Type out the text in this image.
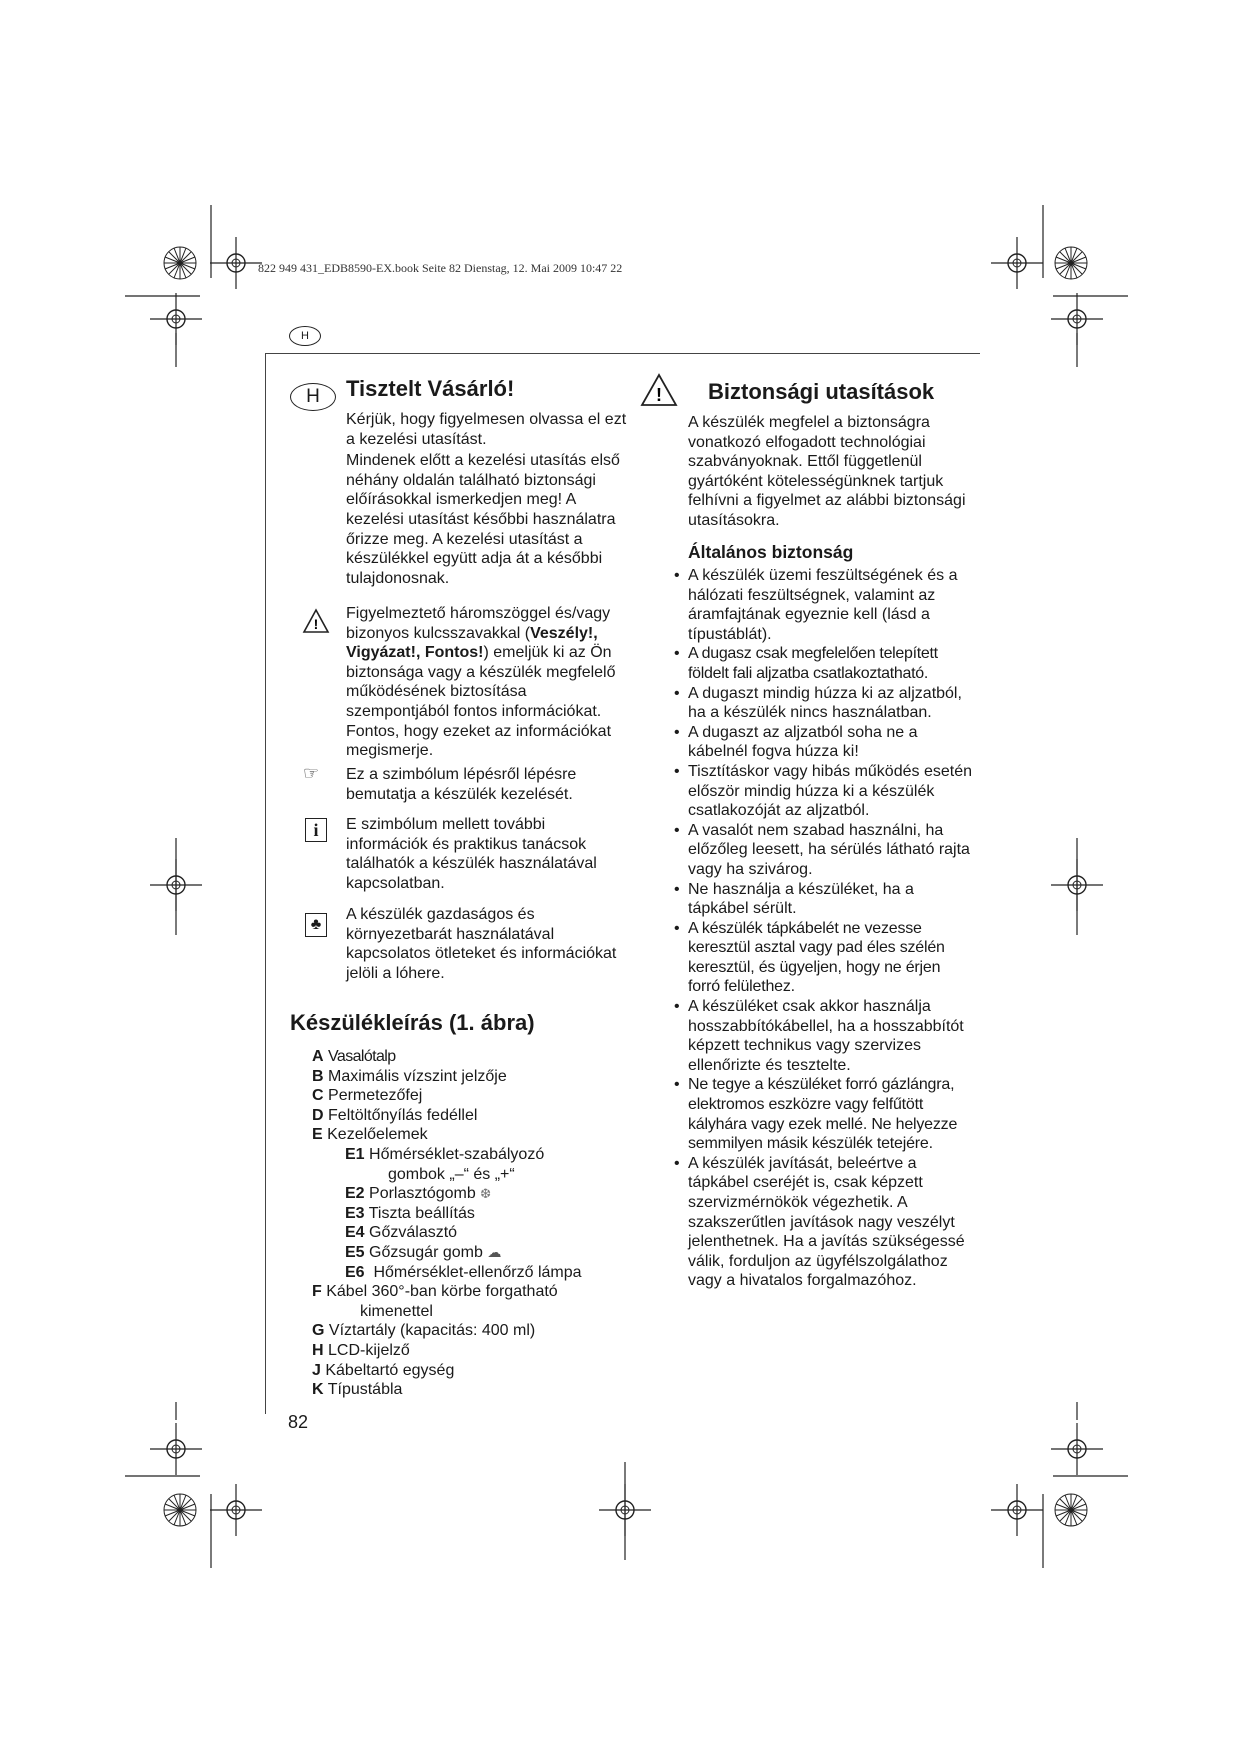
822 949 431_EDB8590-EX.book Seite 82 Dienstag, 12. Mai 2009 10:47 22
H
H	Tisztelt Vásárló!

Kérjük, hogy figyelmesen olvassa el ezt a kezelési utasítást.

Mindenek előtt a kezelési utasítás első néhány oldalán található biztonsági előírásokkal ismerkedjen meg! A kezelési utasítást későbbi használatra őrizze meg. A kezelési utasítást a készülékkel együtt adja át a későbbi tulajdonosnak.

!
Figyelmeztető háromszöggel és/vagy bizonyos kulcsszavakkal (Veszély!, Vigyázat!, Fontos!) emeljük ki az Ön biztonsága vagy a készülék megfelelő működésének biztosítása szempontjából fontos információkat. Fontos, hogy ezeket az információkat megismerje.
☞ Ez a szimbólum lépésről lépésre bemutatja a készülék kezelését.
i	E szimbólum mellett további információk és praktikus tanácsok találhatók a készülék használatával kapcsolatban.
♣
A készülék gazdaságos és környezetbarát használatával kapcsolatos ötleteket és információkat jelöli a lóhere.
Készülékleírás (1. ábra)
A Vasalótalp
B Maximális vízszint jelzője
C Permetezőfej
D Feltöltőnyílás fedéllel
E Kezelőelemek
E1 Hőmérséklet-szabályozó
gombok „–“ és „+“
E2 Porlasztógomb ❆
E3 Tiszta beállítás
E4 Gőzválasztó
E5 Gőzsugár gomb ☁
E6 Hőmérséklet-ellenőrző lámpa
F Kábel 360°-ban körbe forgatható
kimenettel
G Víztartály (kapacitás: 400 ml)
H LCD-kijelző
J Kábeltartó egység
K Típustábla
82
! Biztonsági utasítások
A készülék megfelel a biztonságra vonatkozó elfogadott technológiai szabványoknak. Ettől függetlenül gyártóként kötelességünknek tartjuk felhívni a figyelmet az alábbi biztonsági utasításokra.
Általános biztonság
• A készülék üzemi feszültségének és a hálózati feszültségnek, valamint az áramfajtának egyeznie kell (lásd a típustáblát).
• A dugasz csak megfelelően telepített földelt fali aljzatba csatlakoztatható.
• A dugaszt mindig húzza ki az aljzatból, ha a készülék nincs használatban.
• A dugaszt az aljzatból soha ne a kábelnél fogva húzza ki!
• Tisztításkor vagy hibás működés esetén először mindig húzza ki a készülék csatlakozóját az aljzatból.
• A vasalót nem szabad használni, ha előzőleg leesett, ha sérülés látható rajta vagy ha szivárog.
• Ne használja a készüléket, ha a tápkábel sérült.
• A készülék tápkábelét ne vezesse keresztül asztal vagy pad éles szélén keresztül, és ügyeljen, hogy ne érjen forró felülethez.
• A készüléket csak akkor használja hosszabbítókábellel, ha a hosszabbítót képzett technikus vagy szervizes ellenőrizte és tesztelte.
• Ne tegye a készüléket forró gázlángra, elektromos eszközre vagy felfűtött kályhára vagy ezek mellé. Ne helyezze semmilyen másik készülék tetejére.
• A készülék javítását, beleértve a tápkábel cseréjét is, csak képzett szervizmérnökök végezhetik. A szakszerűtlen javítások nagy veszélyt jelenthetnek. Ha a javítás szükségessé válik, forduljon az ügyfélszolgálathoz vagy a hivatalos forgalmazóhoz.
